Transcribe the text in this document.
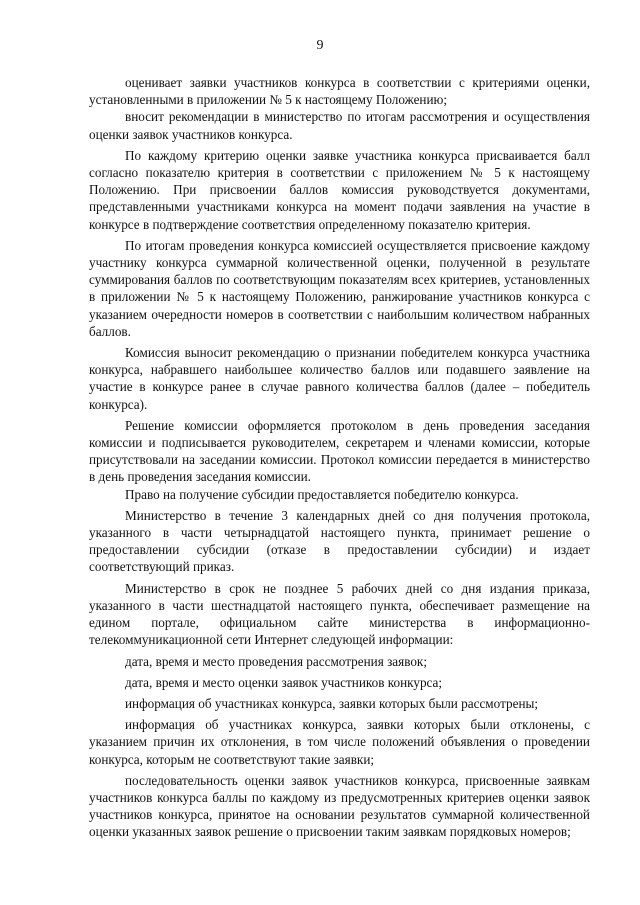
9

оценивает заявки участников конкурса в соответствии с критериями оценки, установленными в приложении № 5 к настоящему Положению;

вносит рекомендации в министерство по итогам рассмотрения и осуществления оценки заявок участников конкурса.

По каждому критерию оценки заявке участника конкурса присваивается балл согласно показателю критерия в соответствии с приложением № 5 к настоящему Положению. При присвоении баллов комиссия руководствуется документами, представленными участниками конкурса на момент подачи заявления на участие в конкурсе в подтверждение соответствия определенному показателю критерия.

По итогам проведения конкурса комиссией осуществляется присвоение каждому участнику конкурса суммарной количественной оценки, полученной в результате суммирования баллов по соответствующим показателям всех критериев, установленных в приложении № 5 к настоящему Положению, ранжирование участников конкурса с указанием очередности номеров в соответствии с наибольшим количеством набранных баллов.

Комиссия выносит рекомендацию о признании победителем конкурса участника конкурса, набравшего наибольшее количество баллов или подавшего заявление на участие в конкурсе ранее в случае равного количества баллов (далее – победитель конкурса).

Решение комиссии оформляется протоколом в день проведения заседания комиссии и подписывается руководителем, секретарем и членами комиссии, которые присутствовали на заседании комиссии. Протокол комиссии передается в министерство в день проведения заседания комиссии.

Право на получение субсидии предоставляется победителю конкурса.

Министерство в течение 3 календарных дней со дня получения протокола, указанного в части четырнадцатой настоящего пункта, принимает решение о предоставлении субсидии (отказе в предоставлении субсидии) и издает соответствующий приказ.

Министерство в срок не позднее 5 рабочих дней со дня издания приказа, указанного в части шестнадцатой настоящего пункта, обеспечивает размещение на едином портале, официальном сайте министерства в информационно-телекоммуникационной сети Интернет следующей информации:

дата, время и место проведения рассмотрения заявок;

дата, время и место оценки заявок участников конкурса;

информация об участниках конкурса, заявки которых были рассмотрены;

информация об участниках конкурса, заявки которых были отклонены, с указанием причин их отклонения, в том числе положений объявления о проведении конкурса, которым не соответствуют такие заявки;

последовательность оценки заявок участников конкурса, присвоенные заявкам участников конкурса баллы по каждому из предусмотренных критериев оценки заявок участников конкурса, принятое на основании результатов суммарной количественной оценки указанных заявок решение о присвоении таким заявкам порядковых номеров;
